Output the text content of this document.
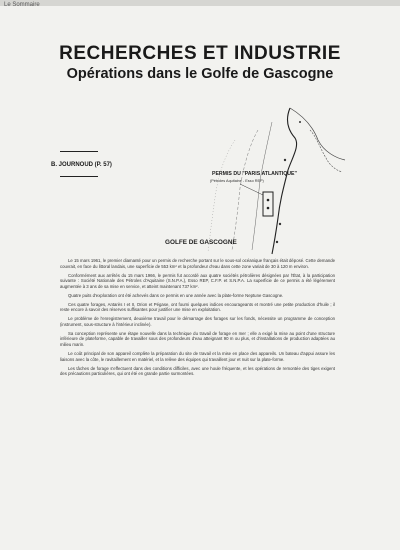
Le Sommaire
RECHERCHES ET INDUSTRIE
Opérations dans le Golfe de Gascogne
B. JOURNOUD (P. 57)
PERMIS DU "PARIS ATLANTIQUE"
(Pétroles Aquitaine - Esso REP)
GOLFE DE GASCOGNE

Le 15 mars 1961, le premier diamanté pour un permis de recherche portant sur le sous-sol océanique français était déposé. Cette demande couvrait, en face du littoral landais, une superficie de 553 km² et la profondeur d'eau dans cette zone variait de 30 à 120 m environ.

Conformément aux arrêtés du 15 mars 1966, le permis fut accordé aux quatre sociétés pétrolières désignées par l'État, à la participation suivante : Société Nationale des Pétroles d'Aquitaine (S.N.P.A.), Esso REP, C.F.P. et S.N.P.A. La superficie de ce permis a été légèrement augmentée à 3 ans de sa mise en service, et atteint maintenant 737 km².

Quatre puits d'exploration ont été achevés dans ce permis en une année avec la plate-forme Neptune Gascogne.

Ces quatre forages, Antarès I et II, Orion et Pégase, ont fourni quelques indices encourageants et montré une petite production d'huile ; il reste encore à savoir des réserves suffisantes pour justifier une mise en exploitation.

Le problème de l'enregistrement, deuxième travail pour le démarrage des forages sur les fonds, nécessite un programme de conception (instrument, sous-structure à l'intérieur inclinée).

Sa conception représente une étape nouvelle dans la technique du travail de forage en mer ; elle a exigé la mise au point d'une structure inférieure de plateforme, capable de travailler sous des profondeurs d'eau atteignant 90 m ou plus, et d'installations de production adaptées au milieu marin.

Le coût principal de son appareil complète la préparation du site de travail et la mise en place des appareils. Un bateau d'appui assure les liaisons avec la côte, le ravitaillement en matériel, et la relève des équipes qui travaillent jour et nuit sur la plate-forme.

Les tâches de forage s'effectuent dans des conditions difficiles, avec une houle fréquente, et les opérations de remontée des tiges exigent des précautions particulières, qui ont été en grande partie surmontées.
